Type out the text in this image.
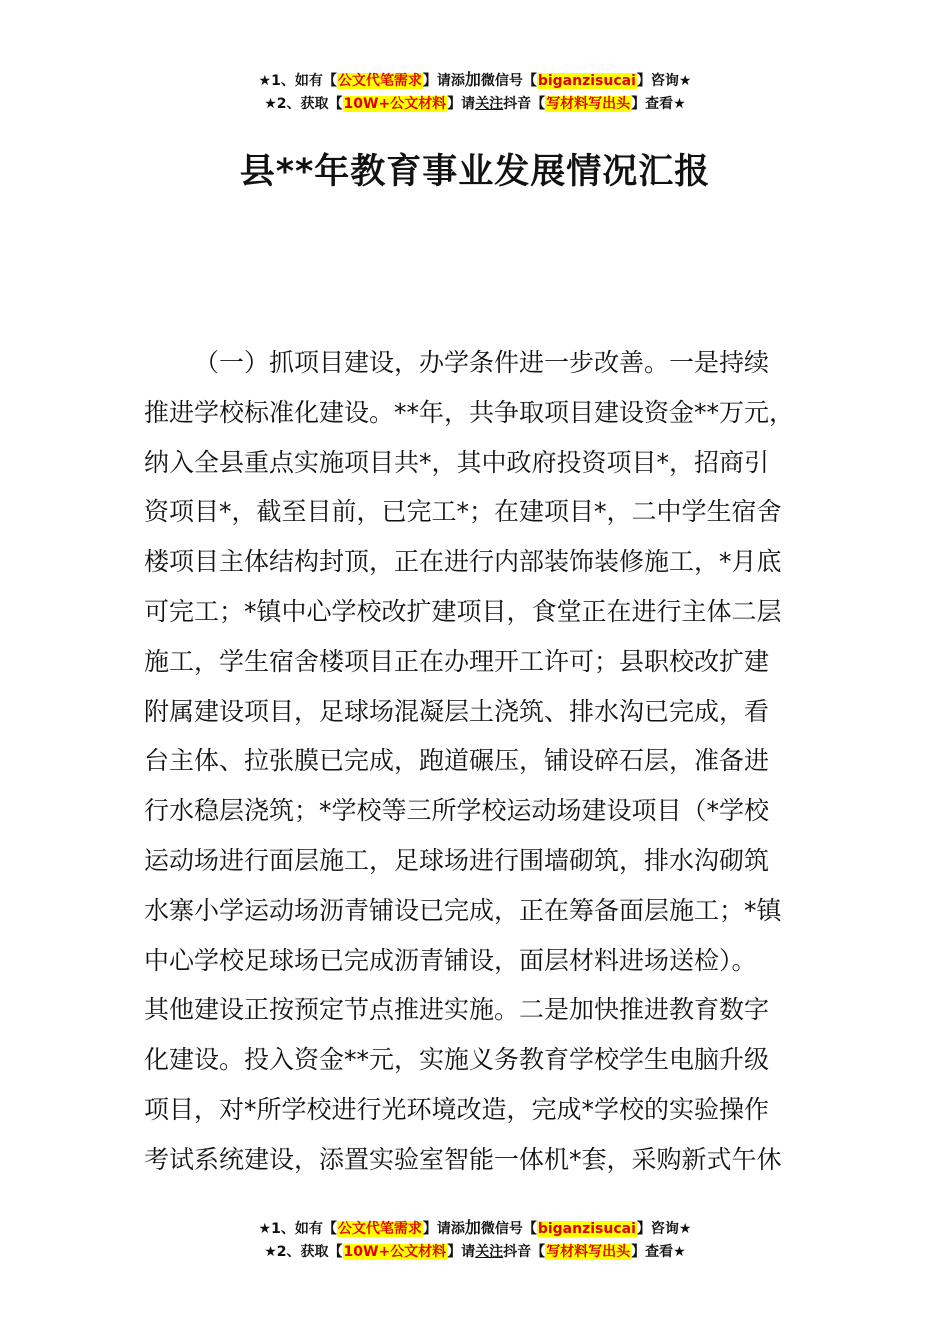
★1、如有【公文代笔需求】请添加微信号【biganzisucai】咨询★
★2、获取【10W+公文材料】请关注抖音【写材料写出头】查看★
县**年教育事业发展情况汇报
（一）抓项目建设，办学条件进一步改善。一是持续
推进学校标准化建设。**年，共争取项目建设资金**万元，
纳入全县重点实施项目共*，其中政府投资项目*，招商引
资项目*，截至目前，已完工*；在建项目*，二中学生宿舍
楼项目主体结构封顶，正在进行内部装饰装修施工，*月底
可完工；*镇中心学校改扩建项目，食堂正在进行主体二层
施工，学生宿舍楼项目正在办理开工许可；县职校改扩建
附属建设项目，足球场混凝层土浇筑、排水沟已完成，看
台主体、拉张膜已完成，跑道碾压，铺设碎石层，准备进
行水稳层浇筑；*学校等三所学校运动场建设项目（*学校
运动场进行面层施工，足球场进行围墙砌筑，排水沟砌筑
水寨小学运动场沥青铺设已完成，正在筹备面层施工；*镇
中心学校足球场已完成沥青铺设，面层材料进场送检）。
其他建设正按预定节点推进实施。二是加快推进教育数字
化建设。投入资金**元，实施义务教育学校学生电脑升级
项目，对*所学校进行光环境改造，完成*学校的实验操作
考试系统建设，添置实验室智能一体机*套，采购新式午休
★1、如有【公文代笔需求】请添加微信号【biganzisucai】咨询★
★2、获取【10W+公文材料】请关注抖音【写材料写出头】查看★
